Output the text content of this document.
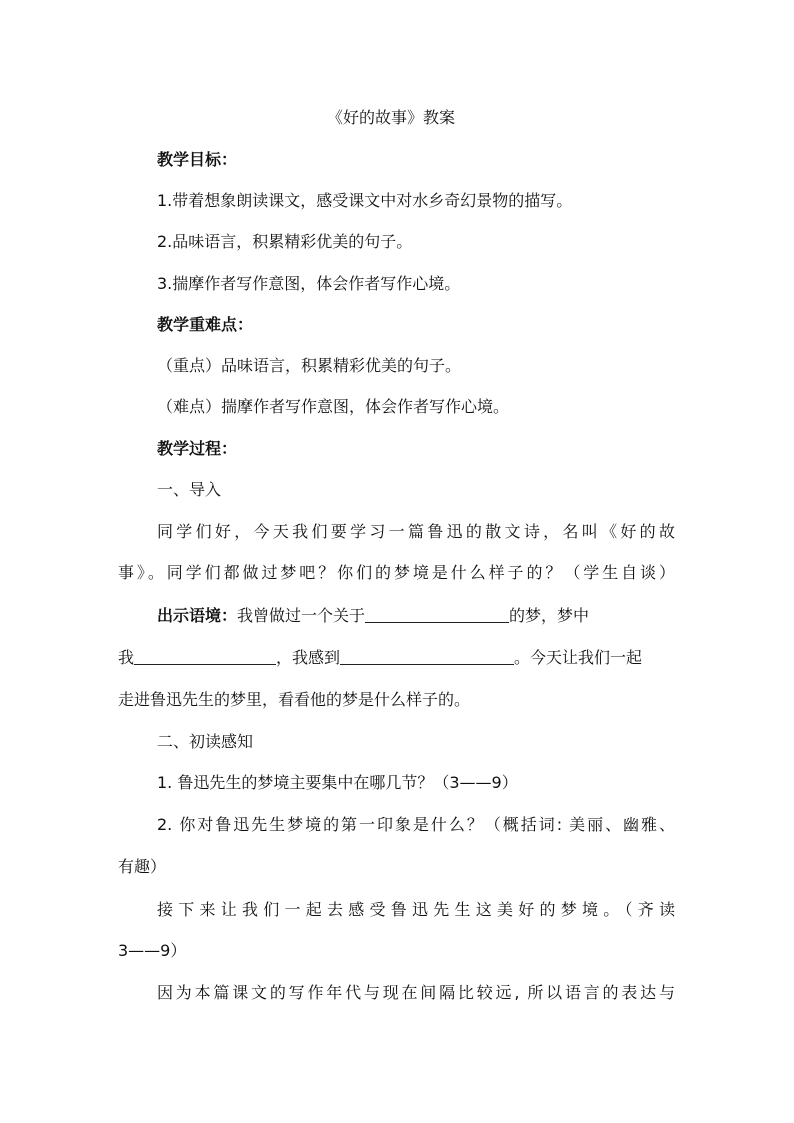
《好的故事》教案
教学目标：
1.带着想象朗读课文，感受课文中对水乡奇幻景物的描写。
2.品味语言，积累精彩优美的句子。
3.揣摩作者写作意图，体会作者写作心境。
教学重难点：
（重点）品味语言，积累精彩优美的句子。
（难点）揣摩作者写作意图，体会作者写作心境。
教学过程：
一、导入
同学们好，今天我们要学习一篇鲁迅的散文诗，名叫《好的故
事》。同学们都做过梦吧？你们的梦境是什么样子的？（学生自谈）
出示语境：我曾做过一个关于	的梦，梦中
我	，我感到	。今天让我们一起
走进鲁迅先生的梦里，看看他的梦是什么样子的。
二、初读感知
1. 鲁迅先生的梦境主要集中在哪几节？（3——9）
2. 你对鲁迅先生梦境的第一印象是什么？（概括词: 美丽、幽雅、
有趣）
接下来让我们一起去感受鲁迅先生这美好的梦境。（齐读
3——9）
因为本篇课文的写作年代与现在间隔比较远, 所以语言的表达与
